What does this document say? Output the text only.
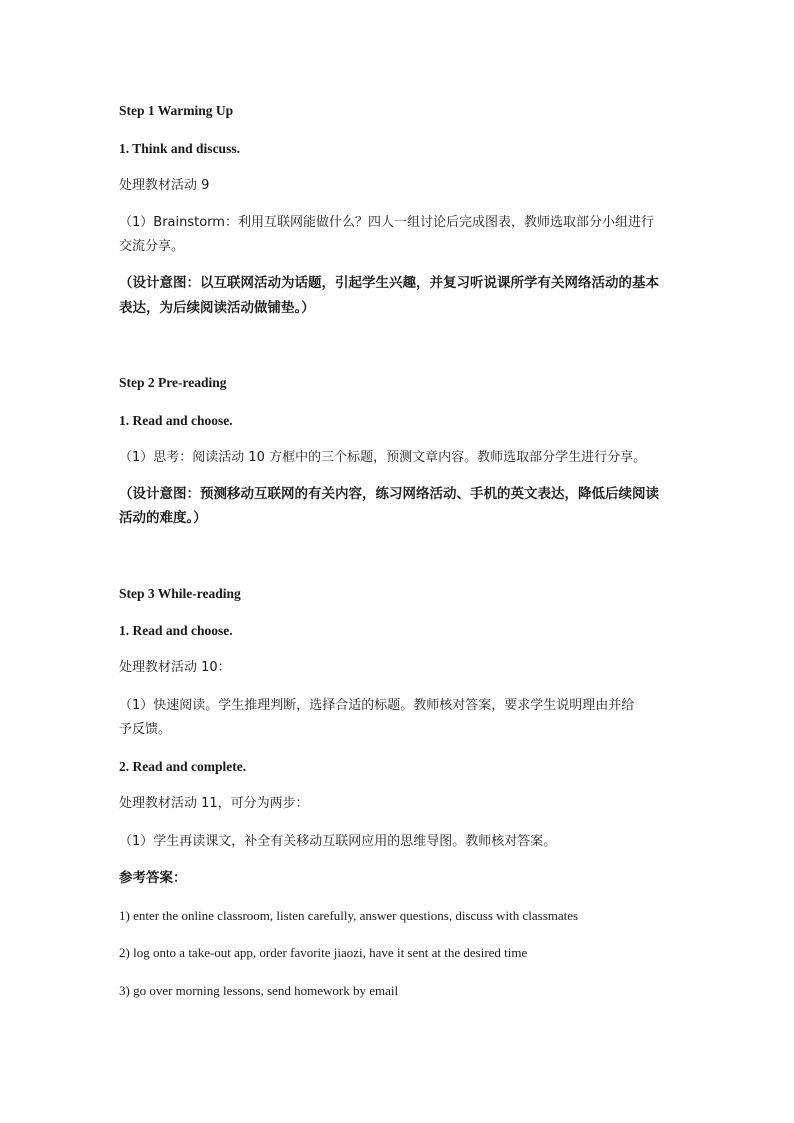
Step 1 Warming Up
1. Think and discuss.
处理教材活动 9
（1）Brainstorm：利用互联网能做什么？四人一组讨论后完成图表，教师选取部分小组进行
交流分享。
（设计意图：以互联网活动为话题，引起学生兴趣，并复习听说课所学有关网络活动的基本
表达，为后续阅读活动做铺垫。）
Step 2 Pre-reading
1. Read and choose.
（1）思考：阅读活动 10 方框中的三个标题，预测文章内容。教师选取部分学生进行分享。
（设计意图：预测移动互联网的有关内容，练习网络活动、手机的英文表达，降低后续阅读
活动的难度。）
Step 3 While-reading
1. Read and choose.
处理教材活动 10：
（1）快速阅读。学生推理判断，选择合适的标题。教师核对答案，要求学生说明理由并给
予反馈。
2. Read and complete.
处理教材活动 11，可分为两步：
（1）学生再读课文，补全有关移动互联网应用的思维导图。教师核对答案。
参考答案：
1) enter the online classroom, listen carefully, answer questions, discuss with classmates
2) log onto a take-out app, order favorite jiaozi, have it sent at the desired time
3) go over morning lessons, send homework by email
